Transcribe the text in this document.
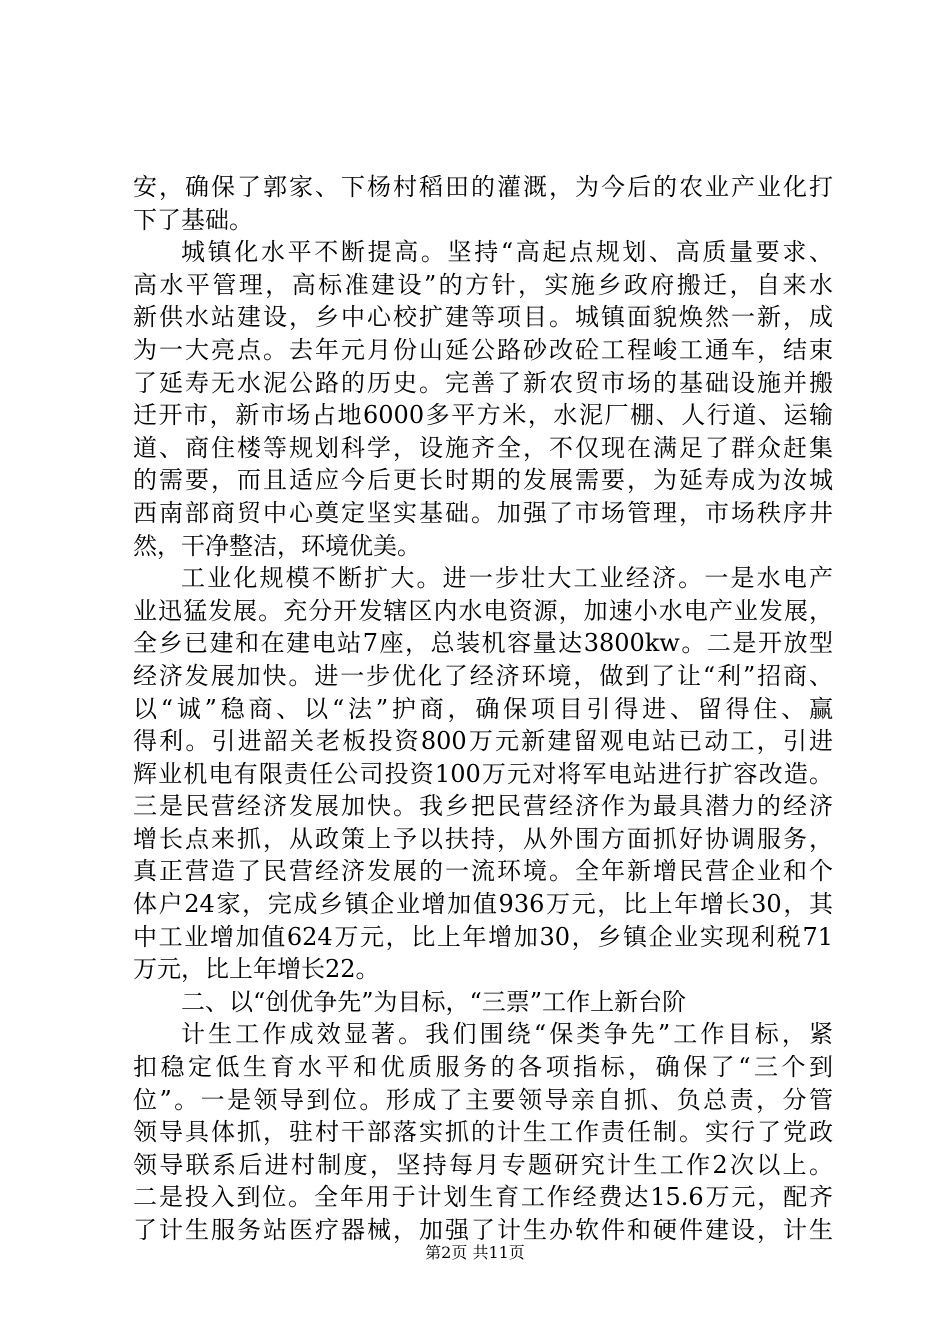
安，确保了郭家、下杨村稻田的灌溉，为今后的农业产业化打
下了基础。
城镇化水平不断提高。坚持“高起点规划、高质量要求、
高水平管理，高标准建设”的方针，实施乡政府搬迁，自来水
新供水站建设，乡中心校扩建等项目。城镇面貌焕然一新，成
为一大亮点。去年元月份山延公路砂改砼工程峻工通车，结束
了延寿无水泥公路的历史。完善了新农贸市场的基础设施并搬
迁开市，新市场占地6000多平方米，水泥厂棚、人行道、运输
道、商住楼等规划科学，设施齐全，不仅现在满足了群众赶集
的需要，而且适应今后更长时期的发展需要，为延寿成为汝城
西南部商贸中心奠定坚实基础。加强了市场管理，市场秩序井
然，干净整洁，环境优美。
工业化规模不断扩大。进一步壮大工业经济。一是水电产
业迅猛发展。充分开发辖区内水电资源，加速小水电产业发展，
全乡已建和在建电站7座，总装机容量达3800kw。二是开放型
经济发展加快。进一步优化了经济环境，做到了让“利”招商、
以“诚”稳商、以“法”护商，确保项目引得进、留得住、赢
得利。引进韶关老板投资800万元新建留观电站已动工，引进
辉业机电有限责任公司投资100万元对将军电站进行扩容改造。
三是民营经济发展加快。我乡把民营经济作为最具潜力的经济
增长点来抓，从政策上予以扶持，从外围方面抓好协调服务，
真正营造了民营经济发展的一流环境。全年新增民营企业和个
体户24家，完成乡镇企业增加值936万元，比上年增长30，其
中工业增加值624万元，比上年增加30，乡镇企业实现利税71
万元，比上年增长22。
二、以“创优争先”为目标，“三票”工作上新台阶
计生工作成效显著。我们围绕“保类争先”工作目标，紧
扣稳定低生育水平和优质服务的各项指标，确保了“三个到
位”。一是领导到位。形成了主要领导亲自抓、负总责，分管
领导具体抓，驻村干部落实抓的计生工作责任制。实行了党政
领导联系后进村制度，坚持每月专题研究计生工作2次以上。
二是投入到位。全年用于计划生育工作经费达15.6万元，配齐
了计生服务站医疗器械，加强了计生办软件和硬件建设，计生
第2页 共11页
